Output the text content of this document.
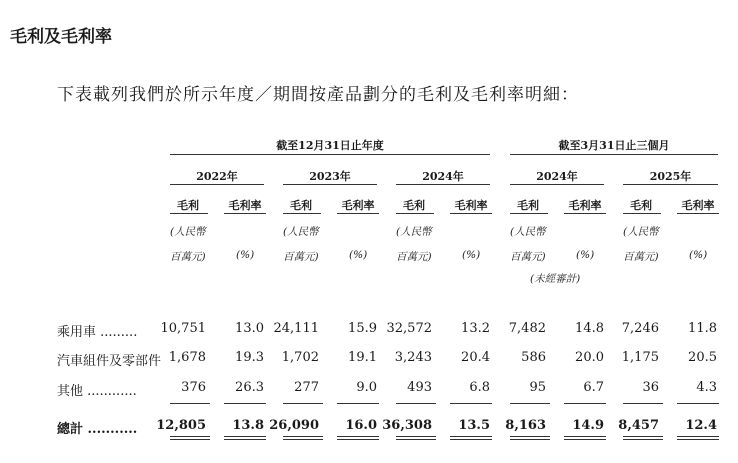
毛利及毛利率
下表載列我們於所示年度／期間按產品劃分的毛利及毛利率明細：
截至12月31日止年度	截至3月31日止三個月
2022年	2023年	2024年	2024年	2025年
毛利	毛利率	毛利	毛利率	毛利	毛利率	毛利	毛利率	毛利	毛利率
(人民幣
百萬元)	(%)
(人民幣
百萬元)	(%)
(人民幣
百萬元)	(%)
(人民幣
百萬元)	(%)
(未經審計)
(人民幣
百萬元)	(%)
乘用車 .........	10,751	13.0 24,111	15.9 32,572	13.2	7,482	14.8	7,246	11.8
汽車組件及零部件 1,678	19.3	1,702	19.1	3,243	20.4	586	20.0	1,175	20.5
其他 ............	376	26.3	277	9.0	493	6.8	95	6.7	36	4.3
總計 ...........	12,805	13.8 26,090	16.0 36,308	13.5	8,163	14.9	8,457	12.4
